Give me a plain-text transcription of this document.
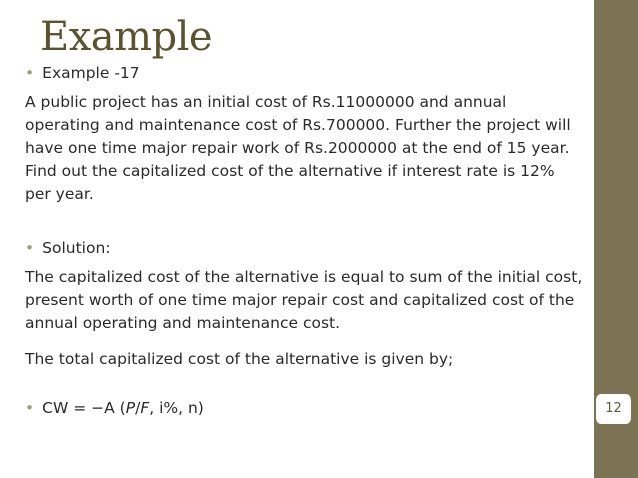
12
Example
• Example -17

A public project has an initial cost of Rs.11000000 and annual operating and maintenance cost of Rs.700000. Further the project will have one time major repair work of Rs.2000000 at the end of 15 year. Find out the capitalized cost of the alternative if interest rate is 12% per year.

• Solution:

The capitalized cost of the alternative is equal to sum of the initial cost, present worth of one time major repair cost and capitalized cost of the annual operating and maintenance cost.

The total capitalized cost of the alternative is given by;

• CW = −A (P/F, i%, n)
